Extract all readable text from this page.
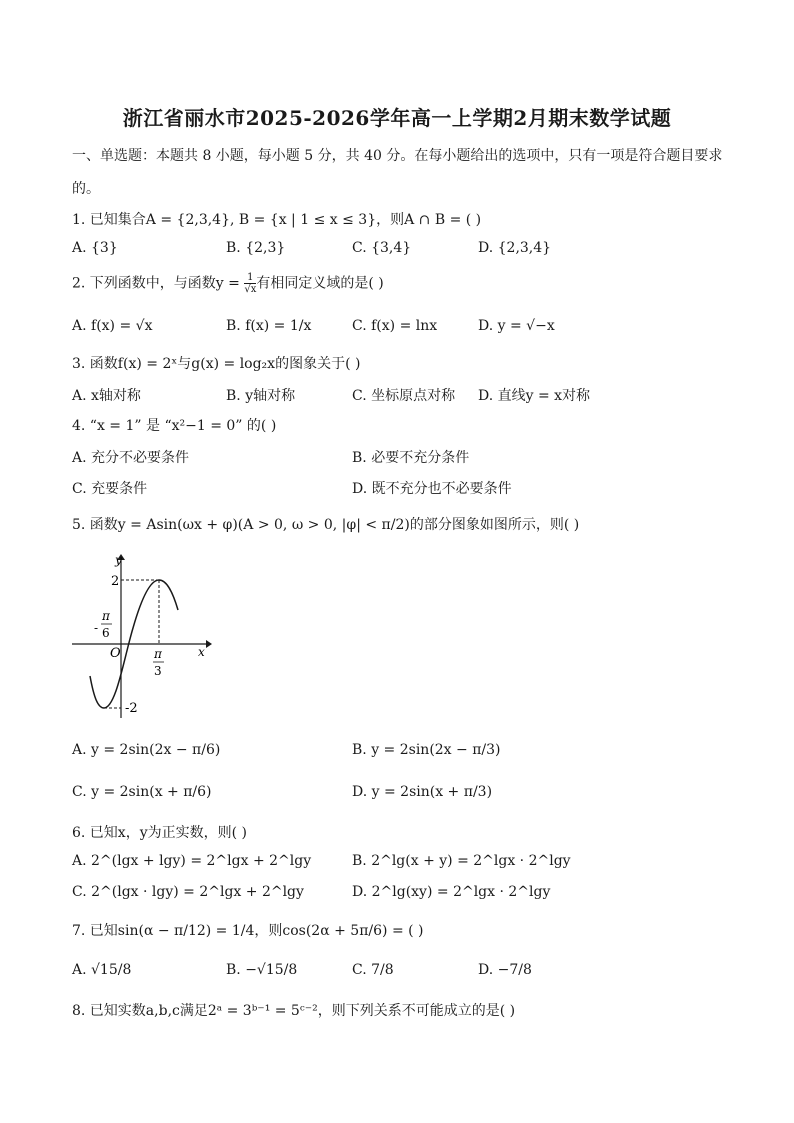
浙江省丽水市2025-2026学年高一上学期2月期末数学试题
一、单选题：本题共 8 小题，每小题 5 分，共 40 分。在每小题给出的选项中，只有一项是符合题目要求
的。
1. 已知集合A = {2,3,4}, B = {x | 1 ≤ x ≤ 3}，则A ∩ B = ( )
A. {3}	B. {2,3}	C. {3,4}	D. {2,3,4}
2. 下列函数中，与函数$y = \frac{1}{√x}$ 有相同定义域的是( )
A. f(x) = √x	B. f(x) = 1/x	C. f(x) = lnx	D. y = √−x
3. 函数f(x) = 2ˣ与g(x) = log₂x的图象关于( )
A. x轴对称	B. y轴对称	C. 坐标原点对称 D. 直线y = x对称
4. “x = 1” 是 “x²−1 = 0” 的( )
A. 充分不必要条件	B. 必要不充分条件
C. 充要条件	D. 既不充分也不必要条件
5. 函数y = Asin(ωx + φ)(A > 0, ω > 0, |φ| < π/2)的部分图象如图所示，则( )
y
x
O
2
-2
-
π
6
π
3
A. y = 2sin(2x − π/6)	B. y = 2sin(2x − π/3)
C. y = 2sin(x + π/6)	D. y = 2sin(x + π/3)
6. 已知x，y为正实数，则( )
A. 2^(lgx + lgy) = 2^lgx + 2^lgy	B. 2^lg(x + y) = 2^lgx · 2^lgy
C. 2^(lgx · lgy) = 2^lgx + 2^lgy	D. 2^lg(xy) = 2^lgx · 2^lgy
7. 已知sin(α − π/12) = 1/4，则cos(2α + 5π/6) = ( )
A. √15/8	B. −√15/8	C. 7/8	D. −7/8
8. 已知实数a,b,c满足2ᵃ = 3ᵇ⁻¹ = 5ᶜ⁻²，则下列关系不可能成立的是( )
